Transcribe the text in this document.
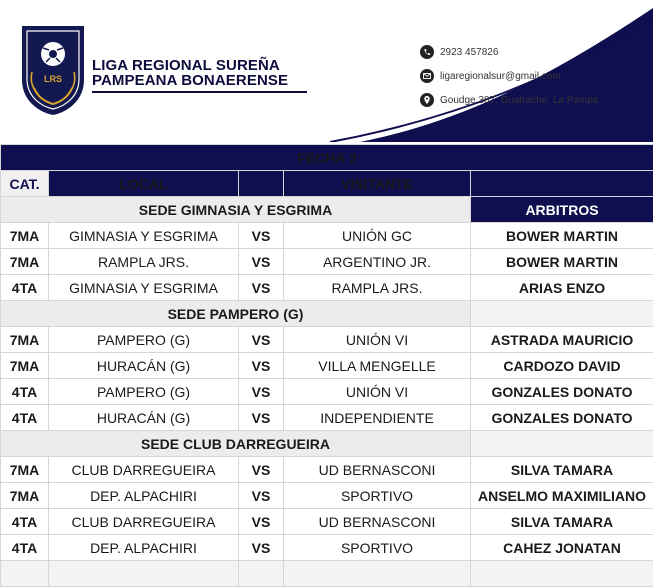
LRS
LIGA REGIONAL SUREÑA
PAMPEANA BONAERENSE
2923 457826
ligaregionalsur@gmail.com
Goudge 387, Guatrache, La Pampa
FECHA 3				
CAT.	LOCAL		VISITANTE	
SEDE GIMNASIA Y ESGRIMA				ARBITROS
7MA	GIMNASIA Y ESGRIMA	VS	UNIÓN GC	BOWER MARTIN
7MA	RAMPLA JRS.	VS	ARGENTINO JR.	BOWER MARTIN
4TA	GIMNASIA Y ESGRIMA	VS	RAMPLA JRS.	ARIAS ENZO
SEDE PAMPERO (G)				
7MA	PAMPERO (G)	VS	UNIÓN VI	ASTRADA MAURICIO
7MA	HURACÁN (G)	VS	VILLA MENGELLE	CARDOZO DAVID
4TA	PAMPERO (G)	VS	UNIÓN VI	GONZALES DONATO
4TA	HURACÁN (G)	VS	INDEPENDIENTE	GONZALES DONATO
SEDE CLUB DARREGUEIRA				
7MA	CLUB DARREGUEIRA	VS	UD BERNASCONI	SILVA TAMARA
7MA	DEP. ALPACHIRI	VS	SPORTIVO	ANSELMO MAXIMILIANO
4TA	CLUB DARREGUEIRA	VS	UD BERNASCONI	SILVA TAMARA
4TA	DEP. ALPACHIRI	VS	SPORTIVO	CAHEZ JONATAN
